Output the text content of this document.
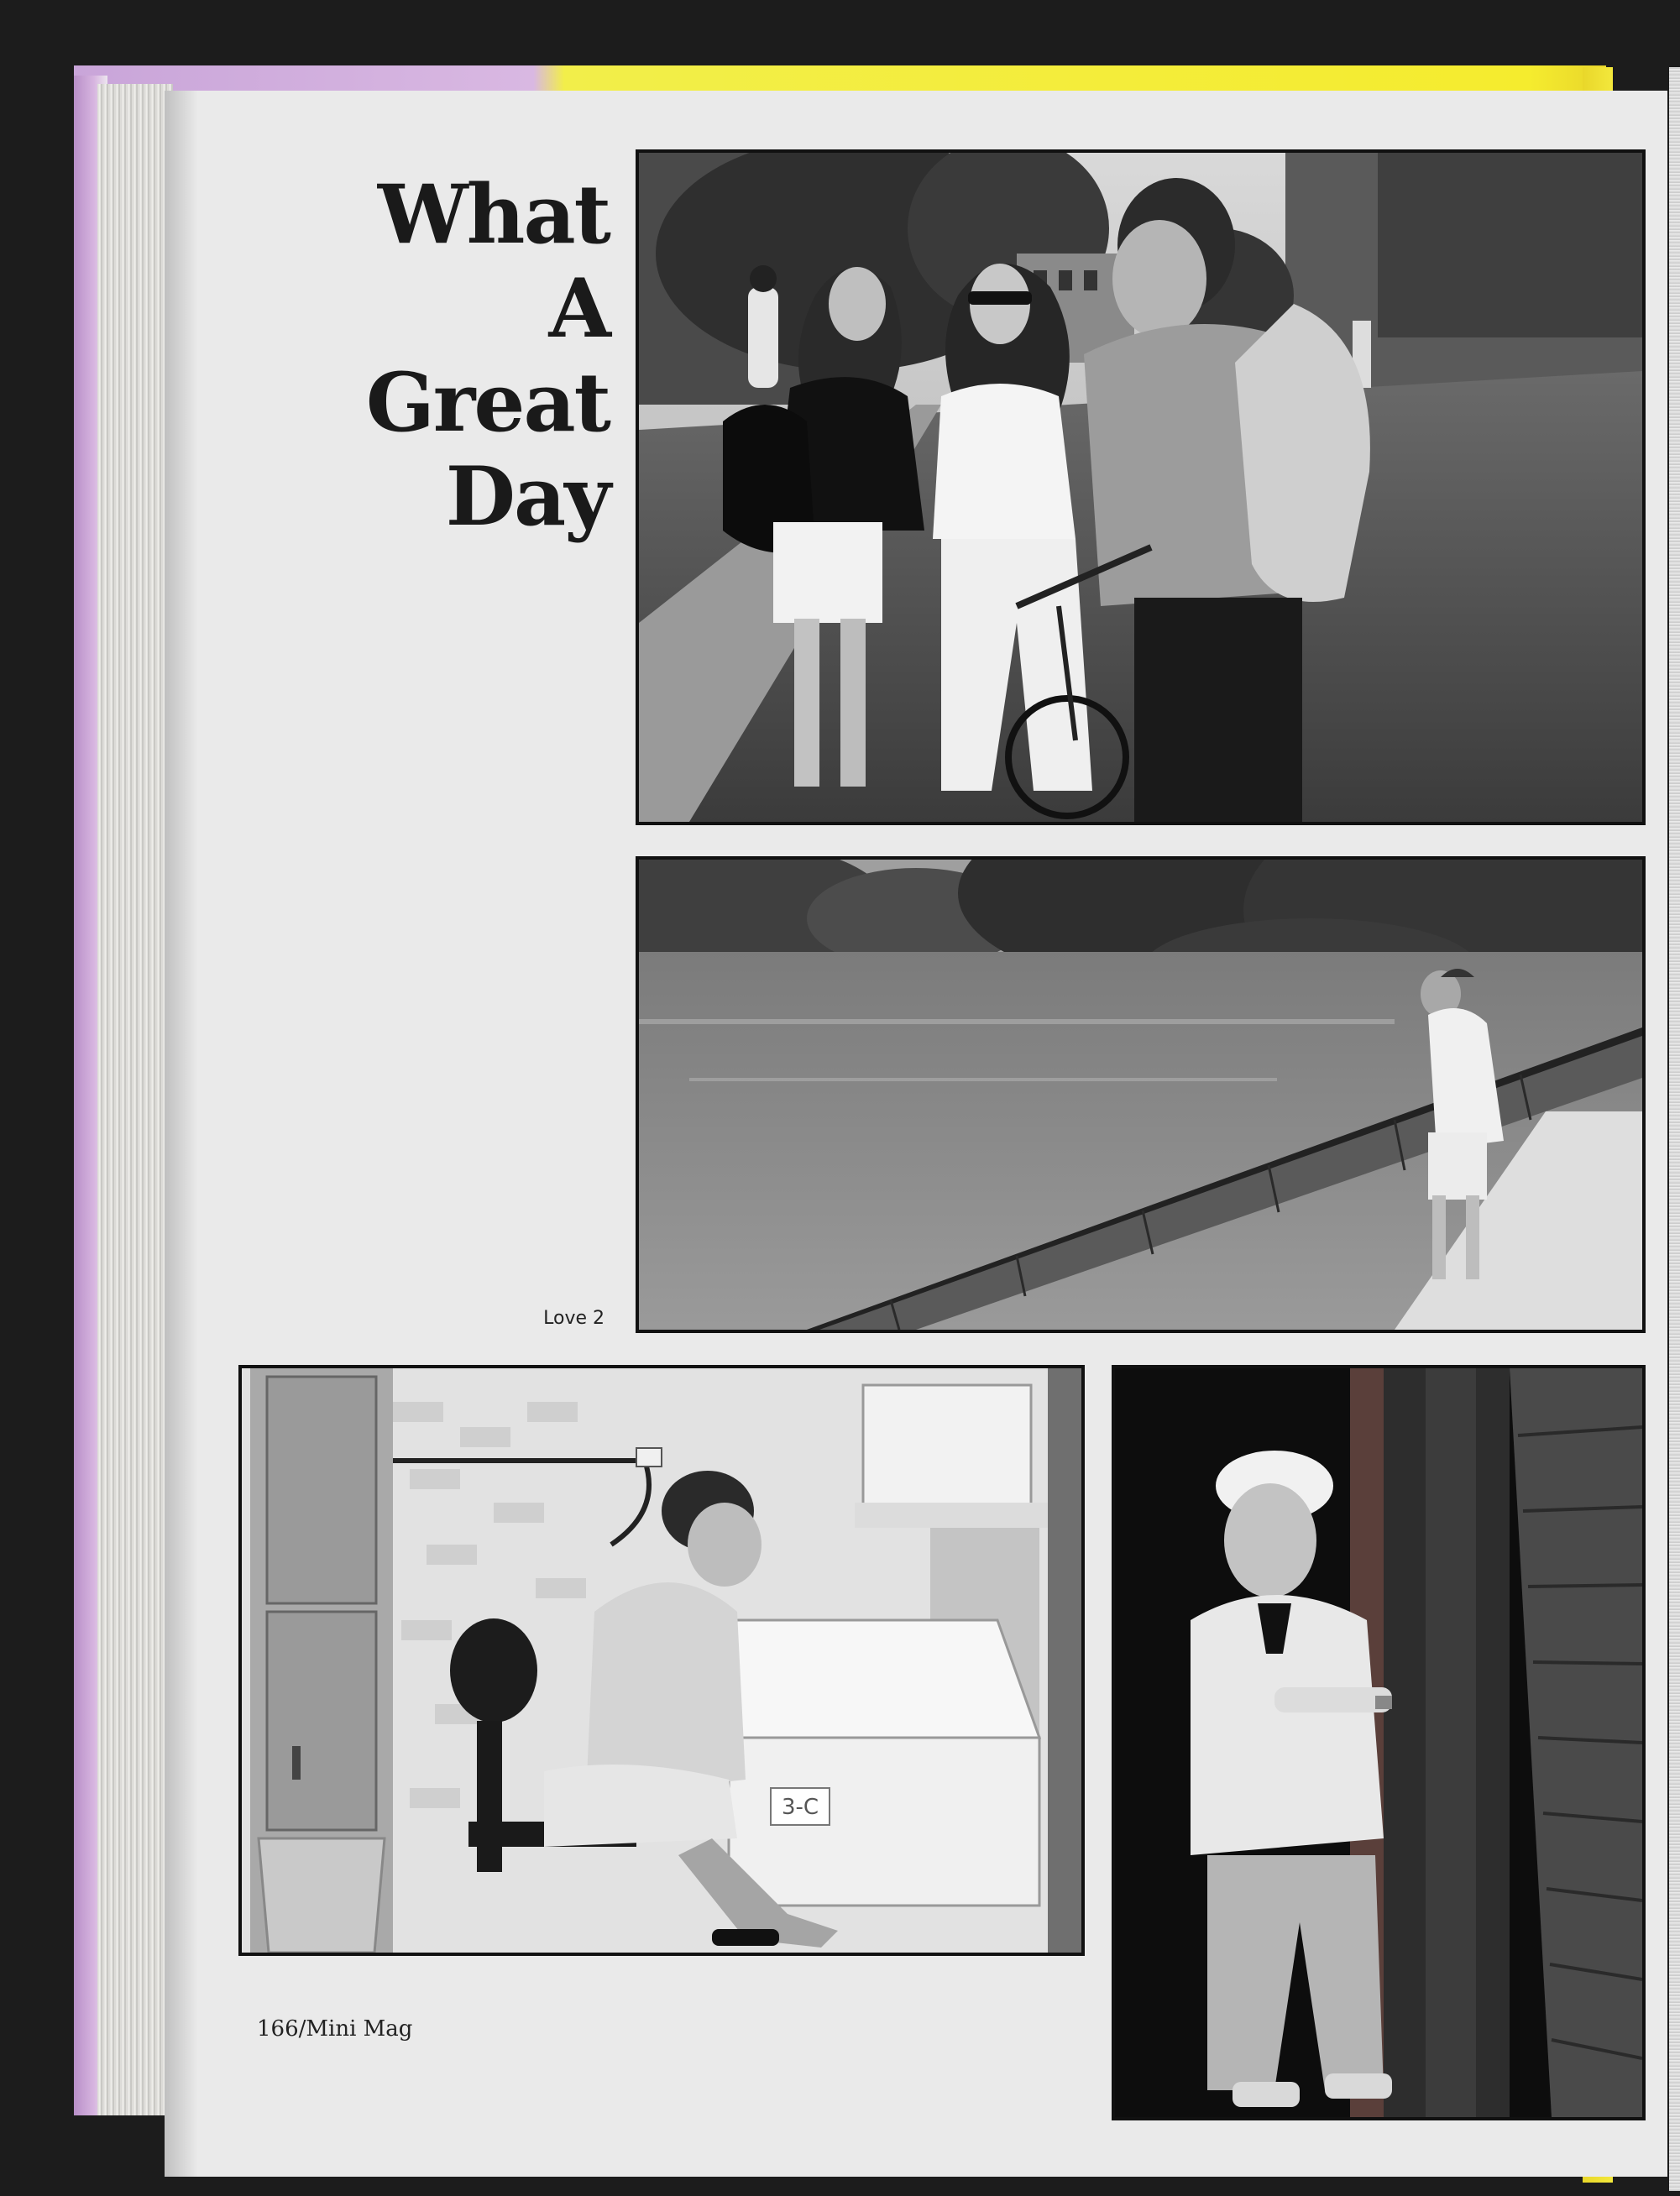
What
A
Great
Day
3-C
Love 2
166/Mini Mag
